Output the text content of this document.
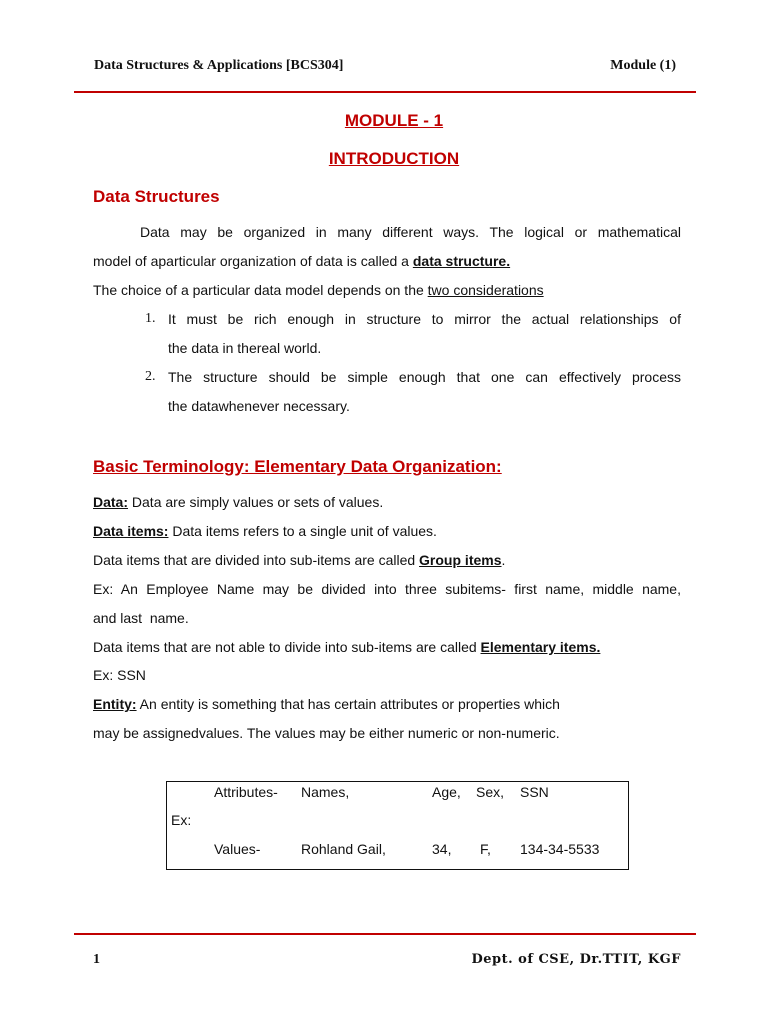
Data Structures & Applications [BCS304]	Module (1)
MODULE - 1
INTRODUCTION
Data Structures
Data may be organized in many different ways. The logical or mathematical
model of aparticular organization of data is called a data structure.
The choice of a particular data model depends on the two considerations
1. It must be rich enough in structure to mirror the actual relationships of
the data in thereal world.
2. The structure should be simple enough that one can effectively process
the datawhenever necessary.
Basic Terminology: Elementary Data Organization:
Data: Data are simply values or sets of values.
Data items: Data items refers to a single unit of values.
Data items that are divided into sub-items are called Group items.
Ex: An Employee Name may be divided into three subitems- first name, middle name,
and last  name.
Data items that are not able to divide into sub-items are called Elementary items.
Ex: SSN
Entity: An entity is something that has certain attributes or properties which
may be assignedvalues. The values may be either numeric or non-numeric.
Ex:
Attributes- Names,	Age, Sex, SSN
Values-	Rohland Gail,	34, F, 134-34-5533
1	Dept. of CSE, Dr.TTIT, KGF
